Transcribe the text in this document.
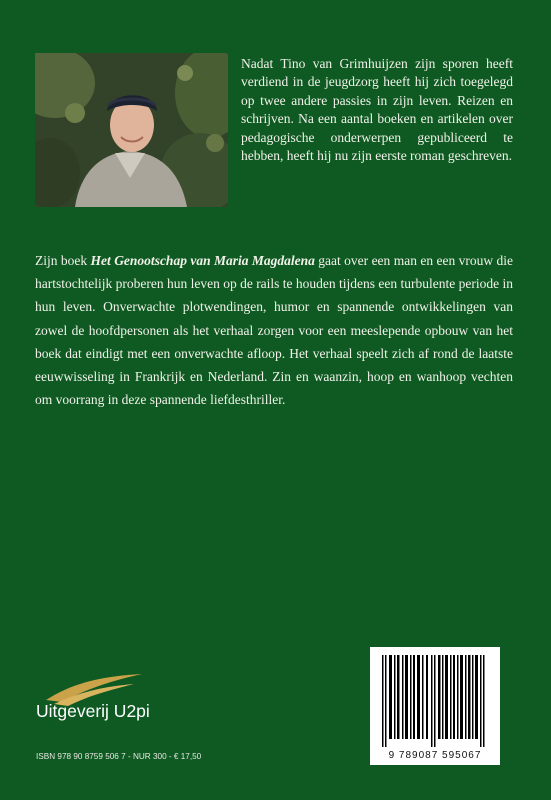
Nadat Tino van Grimhuijzen zijn sporen heeft verdiend in de jeugdzorg heeft hij zich toegelegd op twee andere passies in zijn leven. Reizen en schrijven. Na een aantal boeken en artikelen over pedagogische onderwerpen gepubliceerd te hebben, heeft hij nu zijn eerste roman geschreven.

Zijn boek Het Genootschap van Maria Magdalena gaat over een man en een vrouw die hartstochtelijk proberen hun leven op de rails te houden tijdens een turbulente periode in hun leven. Onverwachte plotwendingen, humor en spannende ontwikkelingen van zowel de hoofdpersonen als het verhaal zorgen voor een meeslepende opbouw van het boek dat eindigt met een onverwachte afloop. Het verhaal speelt zich af rond de laatste eeuwwisseling in Frankrijk en Nederland. Zin en waanzin, hoop en wanhoop vechten om voorrang in deze spannende liefdesthriller.

Uitgeverij U2pi
ISBN 978 90 8759 506 7 - NUR 300 - € 17,50	9 789087 595067
